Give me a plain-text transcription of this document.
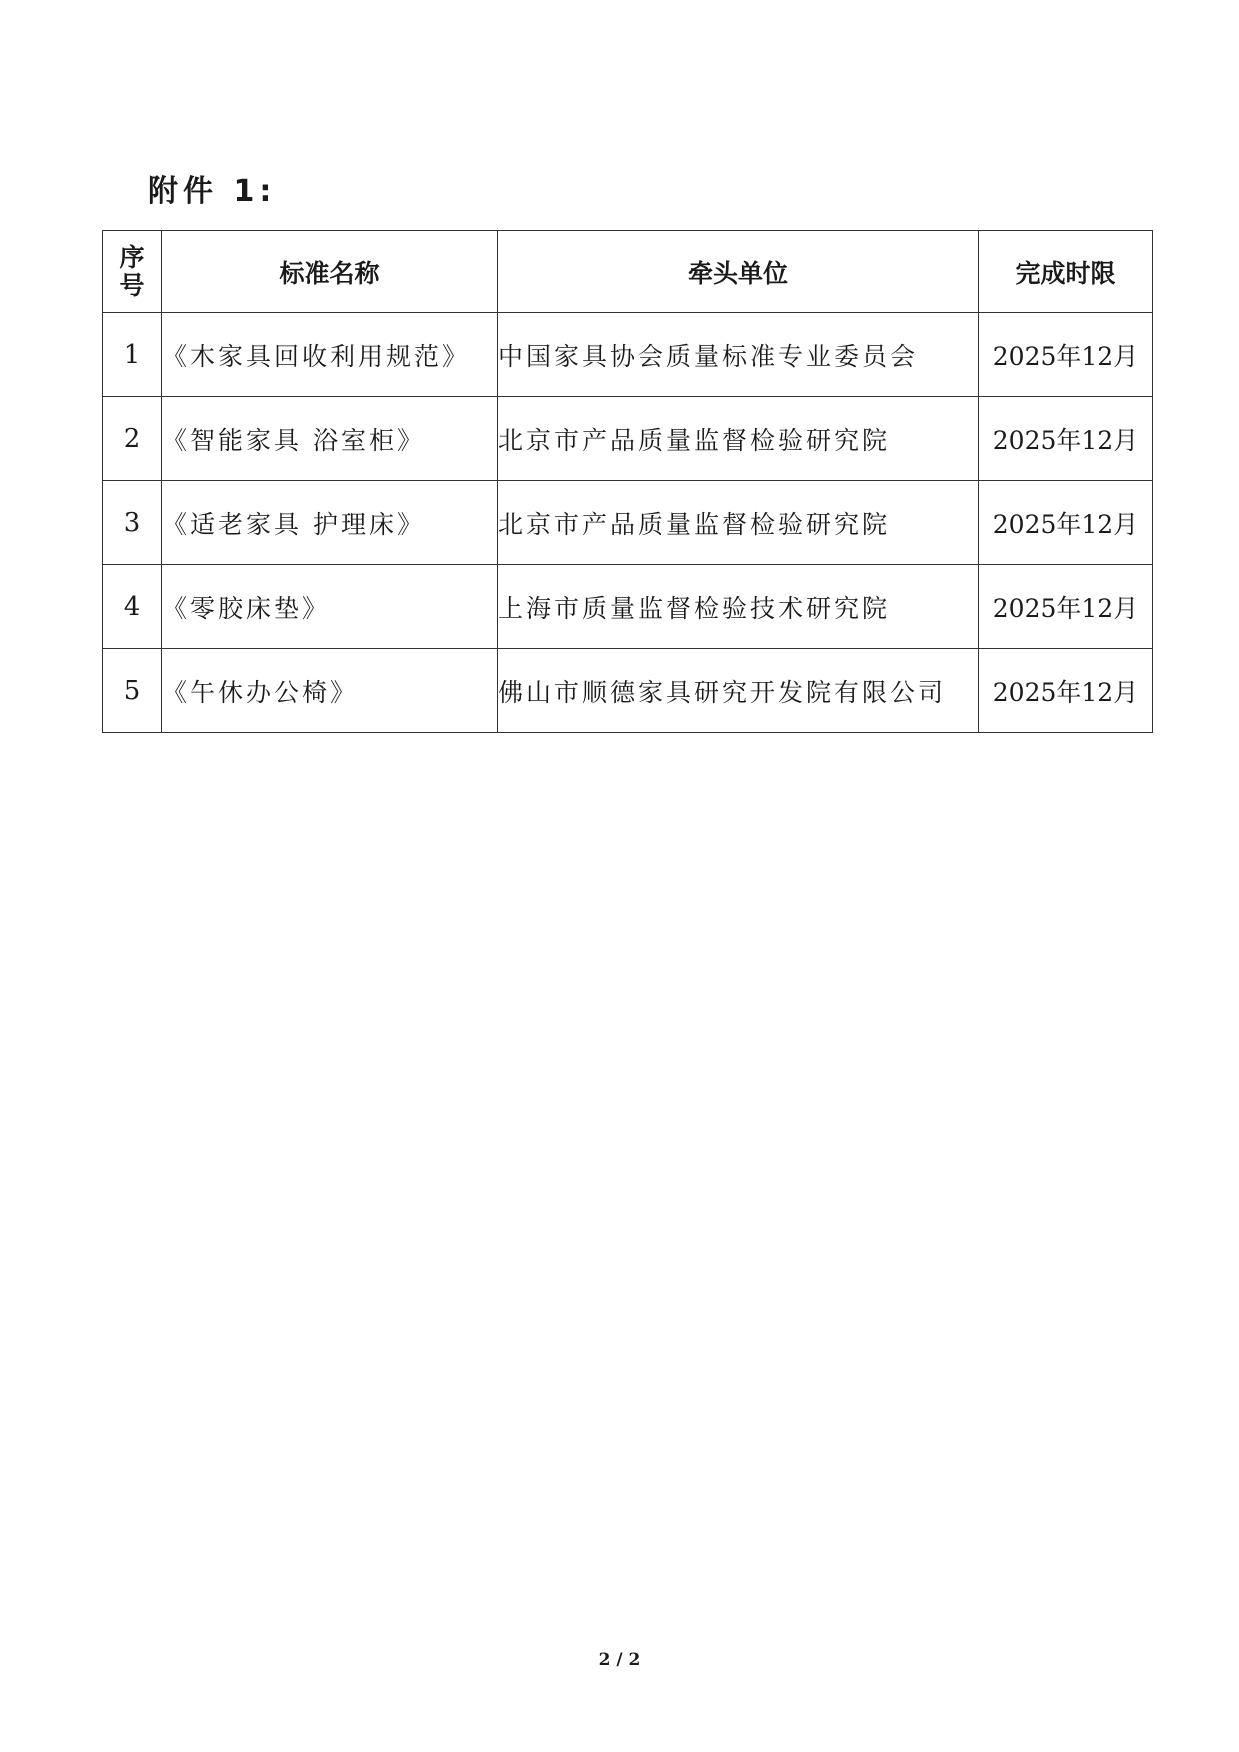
附件 1:
序
号	标准名称	牵头单位	完成时限
1	《木家具回收利用规范》	中国家具协会质量标准专业委员会	2025年12月
2	《智能家具 浴室柜》	北京市产品质量监督检验研究院	2025年12月
3	《适老家具 护理床》	北京市产品质量监督检验研究院	2025年12月
4	《零胶床垫》	上海市质量监督检验技术研究院	2025年12月
5	《午休办公椅》	佛山市顺德家具研究开发院有限公司	2025年12月
2 / 2
